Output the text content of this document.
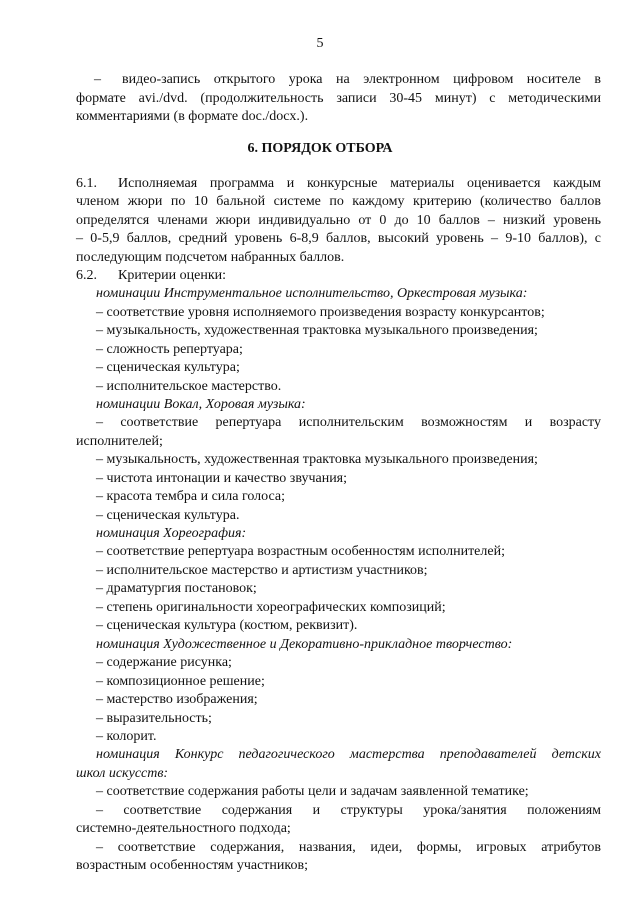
5
– видео-запись открытого урока на электронном цифровом носителе в
формате avi./dvd. (продолжительность записи 30-45 минут) с методическими
комментариями (в формате doc./docx.).
6. ПОРЯДОК ОТБОРА
6.1. Исполняемая программа и конкурсные материалы оценивается каждым
членом жюри по 10 бальной системе по каждому критерию (количество баллов
определятся членами жюри индивидуально от 0 до 10 баллов – низкий уровень
– 0-5,9 баллов, средний уровень 6-8,9 баллов, высокий уровень – 9-10 баллов), с
последующим подсчетом набранных баллов.
6.2. Критерии оценки:
номинации Инструментальное исполнительство, Оркестровая музыка:
– соответствие уровня исполняемого произведения возрасту конкурсантов;
– музыкальность, художественная трактовка музыкального произведения;
– сложность репертуара;
– сценическая культура;
– исполнительское мастерство.
номинации Вокал, Хоровая музыка:
– соответствие репертуара исполнительским возможностям и возрасту
исполнителей;
– музыкальность, художественная трактовка музыкального произведения;
– чистота интонации и качество звучания;
– красота тембра и сила голоса;
– сценическая культура.
номинация Хореография:
– соответствие репертуара возрастным особенностям исполнителей;
– исполнительское мастерство и артистизм участников;
– драматургия постановок;
– степень оригинальности хореографических композиций;
– сценическая культура (костюм, реквизит).
номинация Художественное и Декоративно-прикладное творчество:
– содержание рисунка;
– композиционное решение;
– мастерство изображения;
– выразительность;
– колорит.
номинация Конкурс педагогического мастерства преподавателей детских
школ искусств:
– соответствие содержания работы цели и задачам заявленной тематике;
– соответствие содержания и структуры урока/занятия положениям
системно-деятельностного подхода;
– соответствие содержания, названия, идеи, формы, игровых атрибутов
возрастным особенностям участников;
